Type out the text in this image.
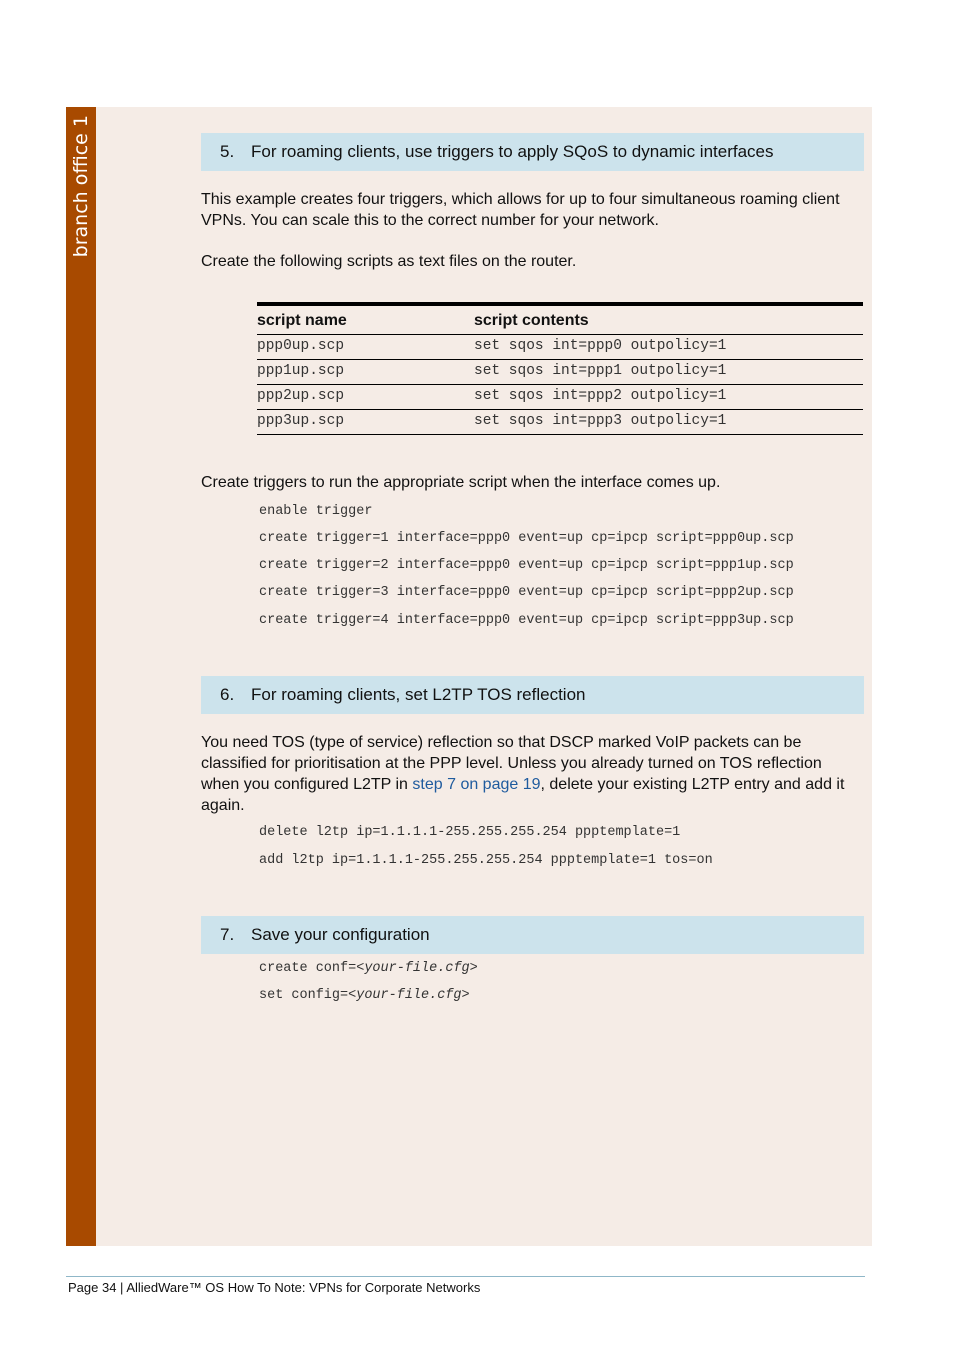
branch office 1	5. For roaming clients, use triggers to apply SQoS to dynamic interfaces
This example creates four triggers, which allows for up to four simultaneous roaming client VPNs. You can scale this to the correct number for your network.
Create the following scripts as text files on the router.
script name	script contents
ppp0up.scp	set sqos int=ppp0 outpolicy=1
ppp1up.scp	set sqos int=ppp1 outpolicy=1
ppp2up.scp	set sqos int=ppp2 outpolicy=1
ppp3up.scp	set sqos int=ppp3 outpolicy=1
Create triggers to run the appropriate script when the interface comes up.
enable trigger
create trigger=1 interface=ppp0 event=up cp=ipcp script=ppp0up.scp
create trigger=2 interface=ppp0 event=up cp=ipcp script=ppp1up.scp
create trigger=3 interface=ppp0 event=up cp=ipcp script=ppp2up.scp
create trigger=4 interface=ppp0 event=up cp=ipcp script=ppp3up.scp
6. For roaming clients, set L2TP TOS reflection
You need TOS (type of service) reflection so that DSCP marked VoIP packets can be classified for prioritisation at the PPP level. Unless you already turned on TOS reflection when you configured L2TP in step 7 on page 19, delete your existing L2TP entry and add it again.
delete l2tp ip=1.1.1.1-255.255.255.254 ppptemplate=1
add l2tp ip=1.1.1.1-255.255.255.254 ppptemplate=1 tos=on
7. Save your configuration
create conf=<your-file.cfg>
set config=<your-file.cfg>
Page 34 | AlliedWare™ OS How To Note: VPNs for Corporate Networks
